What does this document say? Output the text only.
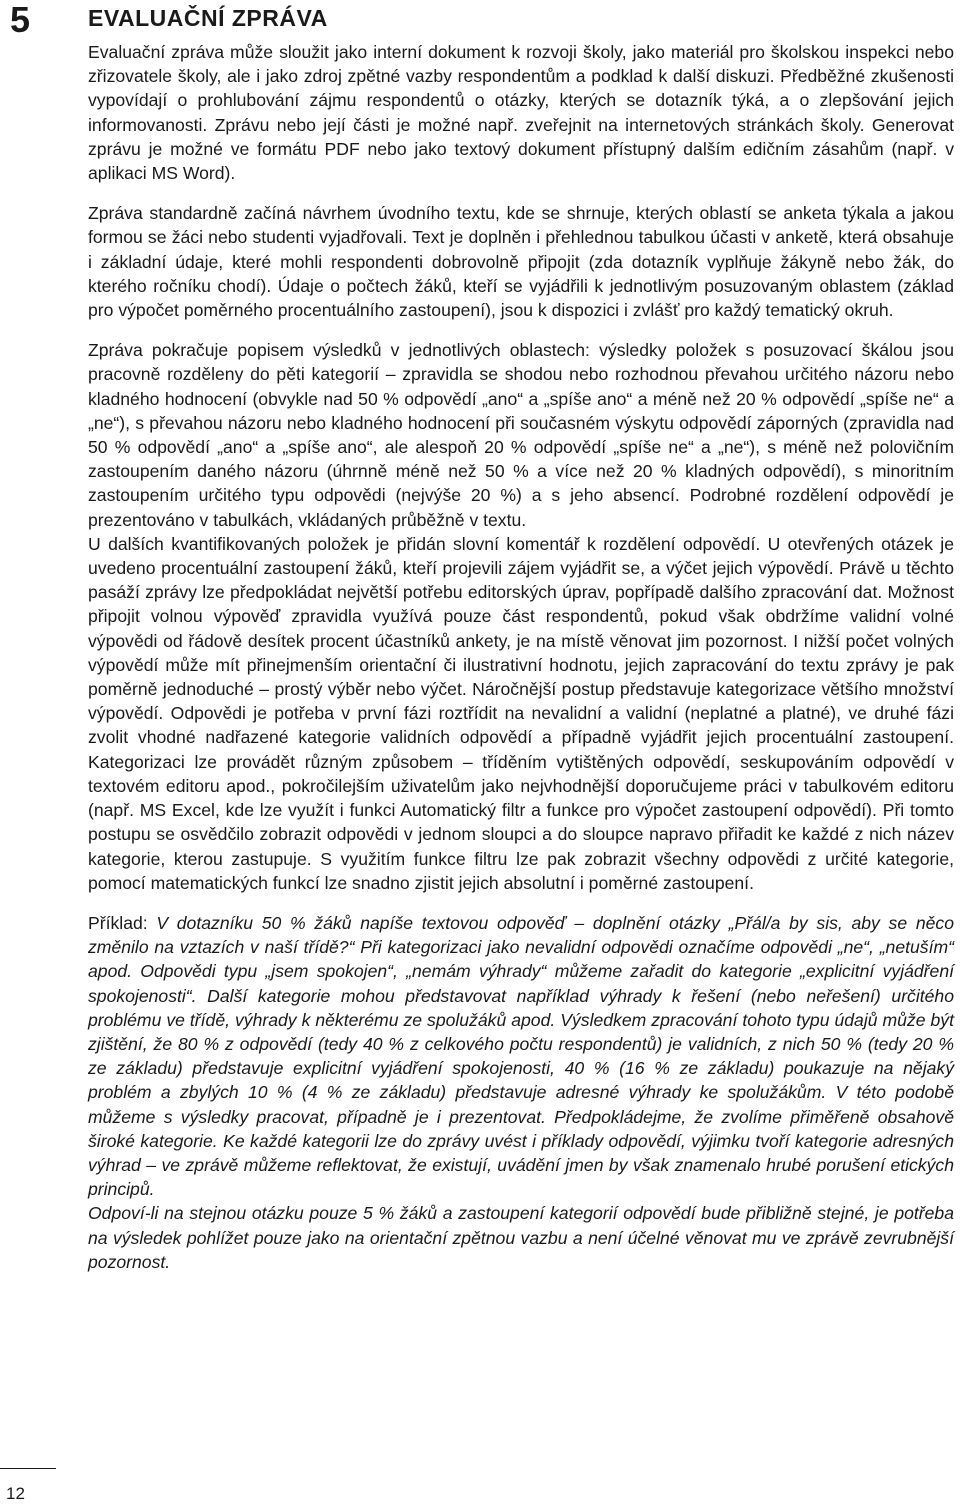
5	EVALUAČNÍ ZPRÁVA

Evaluační zpráva může sloužit jako interní dokument k rozvoji školy, jako materiál pro školskou inspekci nebo zřizovatele školy, ale i jako zdroj zpětné vazby respondentům a podklad k další diskuzi. Předběžné zkušenosti vypovídají o prohlubování zájmu respondentů o otázky, kterých se dotazník týká, a o zlepšování jejich informovanosti. Zprávu nebo její části je možné např. zveřejnit na internetových stránkách školy. Generovat zprávu je možné ve formátu PDF nebo jako textový dokument přístupný dalším edičním zásahům (např. v aplikaci MS Word).

Zpráva standardně začíná návrhem úvodního textu, kde se shrnuje, kterých oblastí se anketa týkala a jakou formou se žáci nebo studenti vyjadřovali. Text je doplněn i přehlednou tabulkou účasti v anketě, která obsahuje i základní údaje, které mohli respondenti dobrovolně připojit (zda dotazník vyplňuje žákyně nebo žák, do kterého ročníku chodí). Údaje o počtech žáků, kteří se vyjádřili k jednotlivým posuzovaným oblastem (základ pro výpočet poměrného procentuálního zastoupení), jsou k dispozici i zvlášť pro každý tematický okruh.

Zpráva pokračuje popisem výsledků v jednotlivých oblastech: výsledky položek s posuzovací škálou jsou pracovně rozděleny do pěti kategorií – zpravidla se shodou nebo rozhodnou převahou určitého názoru nebo kladného hodnocení (obvykle nad 50 % odpovědí „ano“ a „spíše ano“ a méně než 20 % odpovědí „spíše ne“ a „ne“), s převahou názoru nebo kladného hodnocení při současném výskytu odpovědí záporných (zpravidla nad 50 % odpovědí „ano“ a „spíše ano“, ale alespoň 20 % odpovědí „spíše ne“ a „ne“), s méně než polovičním zastoupením daného názoru (úhrnně méně než 50 % a více než 20 % kladných odpovědí), s minoritním zastoupením určitého typu odpovědi (nejvýše 20 %) a s jeho absencí. Podrobné rozdělení odpovědí je prezentováno v tabulkách, vkládaných průběžně v textu.

U dalších kvantifikovaných položek je přidán slovní komentář k rozdělení odpovědí. U otevřených otázek je uvedeno procentuální zastoupení žáků, kteří projevili zájem vyjádřit se, a výčet jejich výpovědí. Právě u těchto pasáží zprávy lze předpokládat největší potřebu editorských úprav, popřípadě dalšího zpracování dat. Možnost připojit volnou výpověď zpravidla využívá pouze část respondentů, pokud však obdržíme validní volné výpovědi od řádově desítek procent účastníků ankety, je na místě věnovat jim pozornost. I nižší počet volných výpovědí může mít přinejmenším orientační či ilustrativní hodnotu, jejich zapracování do textu zprávy je pak poměrně jednoduché – prostý výběr nebo výčet. Náročnější postup představuje kategorizace většího množství výpovědí. Odpovědi je potřeba v první fázi roztřídit na nevalidní a validní (neplatné a platné), ve druhé fázi zvolit vhodné nadřazené kategorie validních odpovědí a případně vyjádřit jejich procentuální zastoupení. Kategorizaci lze provádět různým způsobem – tříděním vytištěných odpovědí, seskupováním odpovědí v textovém editoru apod., pokročilejším uživatelům jako nejvhodnější doporučujeme práci v tabulkovém editoru (např. MS Excel, kde lze využít i funkci Automatický filtr a funkce pro výpočet zastoupení odpovědí). Při tomto postupu se osvědčilo zobrazit odpovědi v jednom sloupci a do sloupce napravo přiřadit ke každé z nich název kategorie, kterou zastupuje. S využitím funkce filtru lze pak zobrazit všechny odpovědi z určité kategorie, pomocí matematických funkcí lze snadno zjistit jejich absolutní i poměrné zastoupení.

Příklad: V dotazníku 50 % žáků napíše textovou odpověď – doplnění otázky „Přál/a by sis, aby se něco změnilo na vztazích v naší třídě?“ Při kategorizaci jako nevalidní odpovědi označíme odpovědi „ne“, „netuším“ apod. Odpovědi typu „jsem spokojen“, „nemám výhrady“ můžeme zařadit do kategorie „explicitní vyjádření spokojenosti“. Další kategorie mohou představovat například výhrady k řešení (nebo neřešení) určitého problému ve třídě, výhrady k některému ze spolužáků apod. Výsledkem zpracování tohoto typu údajů může být zjištění, že 80 % z odpovědí (tedy 40 % z celkového počtu respondentů) je validních, z nich 50 % (tedy 20 % ze základu) představuje explicitní vyjádření spokojenosti, 40 % (16 % ze základu) poukazuje na nějaký problém a zbylých 10 % (4 % ze základu) představuje adresné výhrady ke spolužákům. V této podobě můžeme s výsledky pracovat, případně je i prezentovat. Předpokládejme, že zvolíme přiměřeně obsahově široké kategorie. Ke každé kategorii lze do zprávy uvést i příklady odpovědí, výjimku tvoří kategorie adresných výhrad – ve zprávě můžeme reflektovat, že existují, uvádění jmen by však znamenalo hrubé porušení etických principů.

Odpoví-li na stejnou otázku pouze 5 % žáků a zastoupení kategorií odpovědí bude přibližně stejné, je potřeba na výsledek pohlížet pouze jako na orientační zpětnou vazbu a není účelné věnovat mu ve zprávě zevrubnější pozornost.

12
